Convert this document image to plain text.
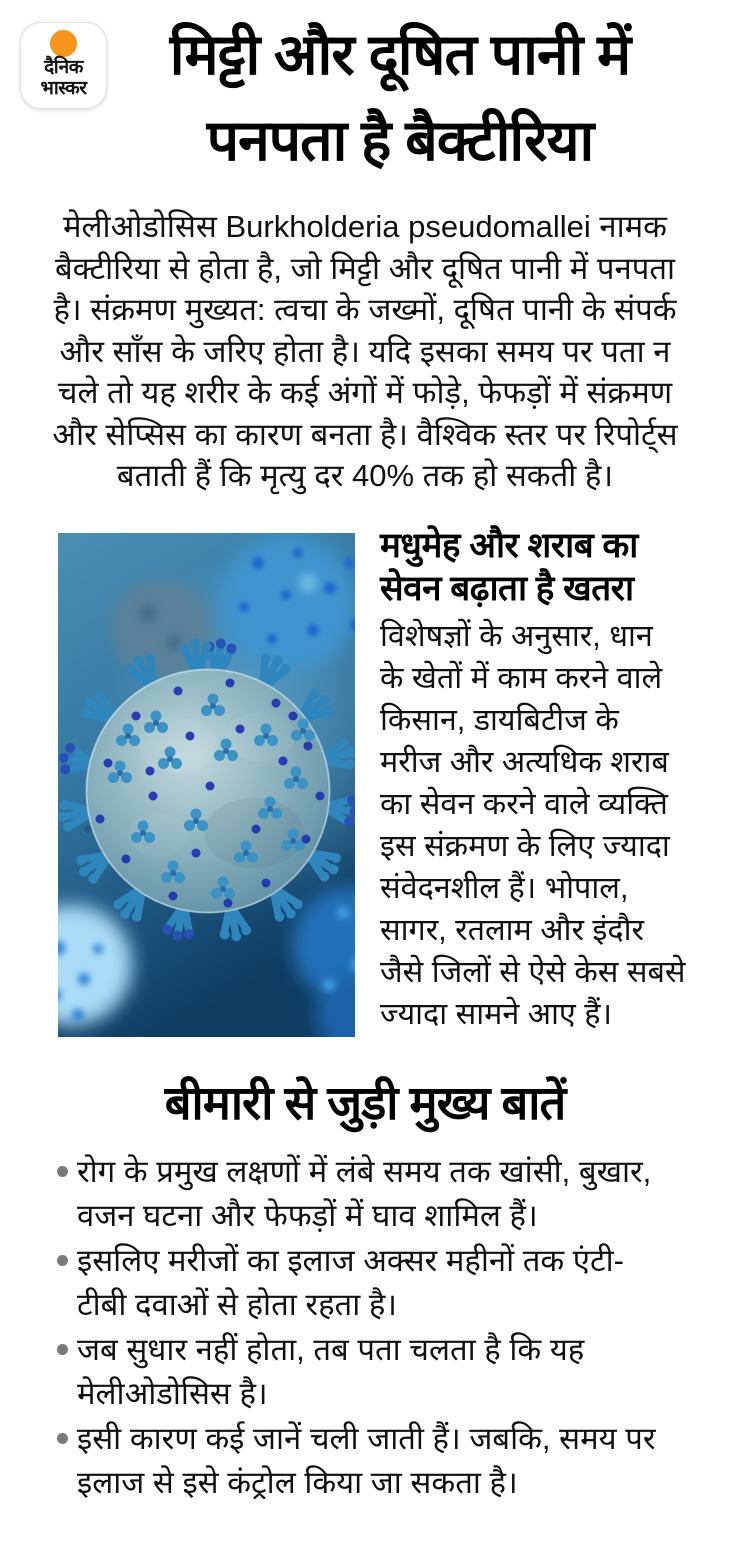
दैनिक
भास्कर
मिट्टी और दूषित पानी में
पनपता है बैक्टीरिया
मेलीओडोसिस Burkholderia pseudomallei नामक
बैक्टीरिया से होता है, जो मिट्टी और दूषित पानी में पनपता
है। संक्रमण मुख्यत: त्वचा के जख्मों, दूषित पानी के संपर्क
और साँस के जरिए होता है। यदि इसका समय पर पता न
चले तो यह शरीर के कई अंगों में फोड़े, फेफड़ों में संक्रमण
और सेप्सिस का कारण बनता है। वैश्विक स्तर पर रिपोर्ट्स
बताती हैं कि मृत्यु दर 40% तक हो सकती है।
मधुमेह और शराब का
सेवन बढ़ाता है खतरा
विशेषज्ञों के अनुसार, धान
के खेतों में काम करने वाले
किसान, डायबिटीज के
मरीज और अत्यधिक शराब
का सेवन करने वाले व्यक्ति
इस संक्रमण के लिए ज्यादा
संवेदनशील हैं। भोपाल,
सागर, रतलाम और इंदौर
जैसे जिलों से ऐसे केस सबसे
ज्यादा सामने आए हैं।
बीमारी से जुड़ी मुख्य बातें
रोग के प्रमुख लक्षणों में लंबे समय तक खांसी, बुखार,
वजन घटना और फेफड़ों में घाव शामिल हैं।
इसलिए मरीजों का इलाज अक्सर महीनों तक एंटी-
टीबी दवाओं से होता रहता है।
जब सुधार नहीं होता, तब पता चलता है कि यह
मेलीओडोसिस है।
इसी कारण कई जानें चली जाती हैं। जबकि, समय पर
इलाज से इसे कंट्रोल किया जा सकता है।
